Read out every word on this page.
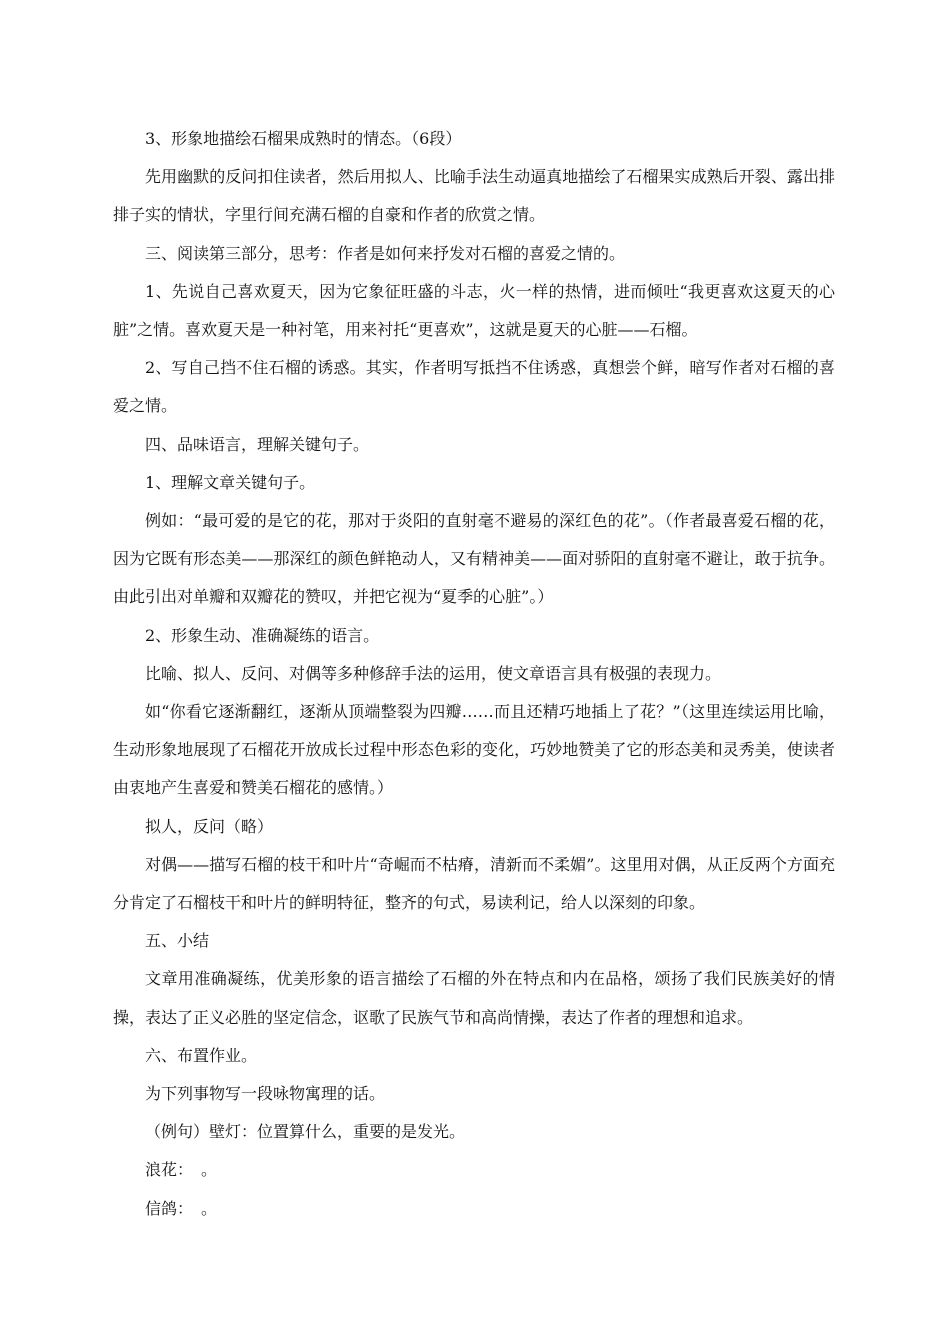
3、形象地描绘石榴果成熟时的情态。（6段）

先用幽默的反问扣住读者，然后用拟人、比喻手法生动逼真地描绘了石榴果实成熟后开裂、露出排排子实的情状，字里行间充满石榴的自豪和作者的欣赏之情。

三、阅读第三部分，思考：作者是如何来抒发对石榴的喜爱之情的。

1、先说自己喜欢夏天，因为它象征旺盛的斗志，火一样的热情，进而倾吐“我更喜欢这夏天的心脏”之情。喜欢夏天是一种衬笔，用来衬托“更喜欢”，这就是夏天的心脏——石榴。

2、写自己挡不住石榴的诱惑。其实，作者明写抵挡不住诱惑，真想尝个鲜，暗写作者对石榴的喜爱之情。

四、品味语言，理解关键句子。

1、理解文章关键句子。

例如：“最可爱的是它的花，那对于炎阳的直射毫不避易的深红色的花”。（作者最喜爱石榴的花，因为它既有形态美——那深红的颜色鲜艳动人，又有精神美——面对骄阳的直射毫不避让，敢于抗争。由此引出对单瓣和双瓣花的赞叹，并把它视为“夏季的心脏”。）

2、形象生动、准确凝练的语言。

比喻、拟人、反问、对偶等多种修辞手法的运用，使文章语言具有极强的表现力。

如“你看它逐渐翻红，逐渐从顶端整裂为四瓣……而且还精巧地插上了花？”（这里连续运用比喻，生动形象地展现了石榴花开放成长过程中形态色彩的变化，巧妙地赞美了它的形态美和灵秀美，使读者由衷地产生喜爱和赞美石榴花的感情。）

拟人，反问（略）

对偶——描写石榴的枝干和叶片“奇崛而不枯瘠，清新而不柔媚”。这里用对偶，从正反两个方面充分肯定了石榴枝干和叶片的鲜明特征，整齐的句式，易读利记，给人以深刻的印象。

五、小结

文章用准确凝练，优美形象的语言描绘了石榴的外在特点和内在品格，颂扬了我们民族美好的情操，表达了正义必胜的坚定信念，讴歌了民族气节和高尚情操，表达了作者的理想和追求。

六、布置作业。

为下列事物写一段咏物寓理的话。

（例句）壁灯：位置算什么，重要的是发光。

浪花：　。

信鸽：　。
